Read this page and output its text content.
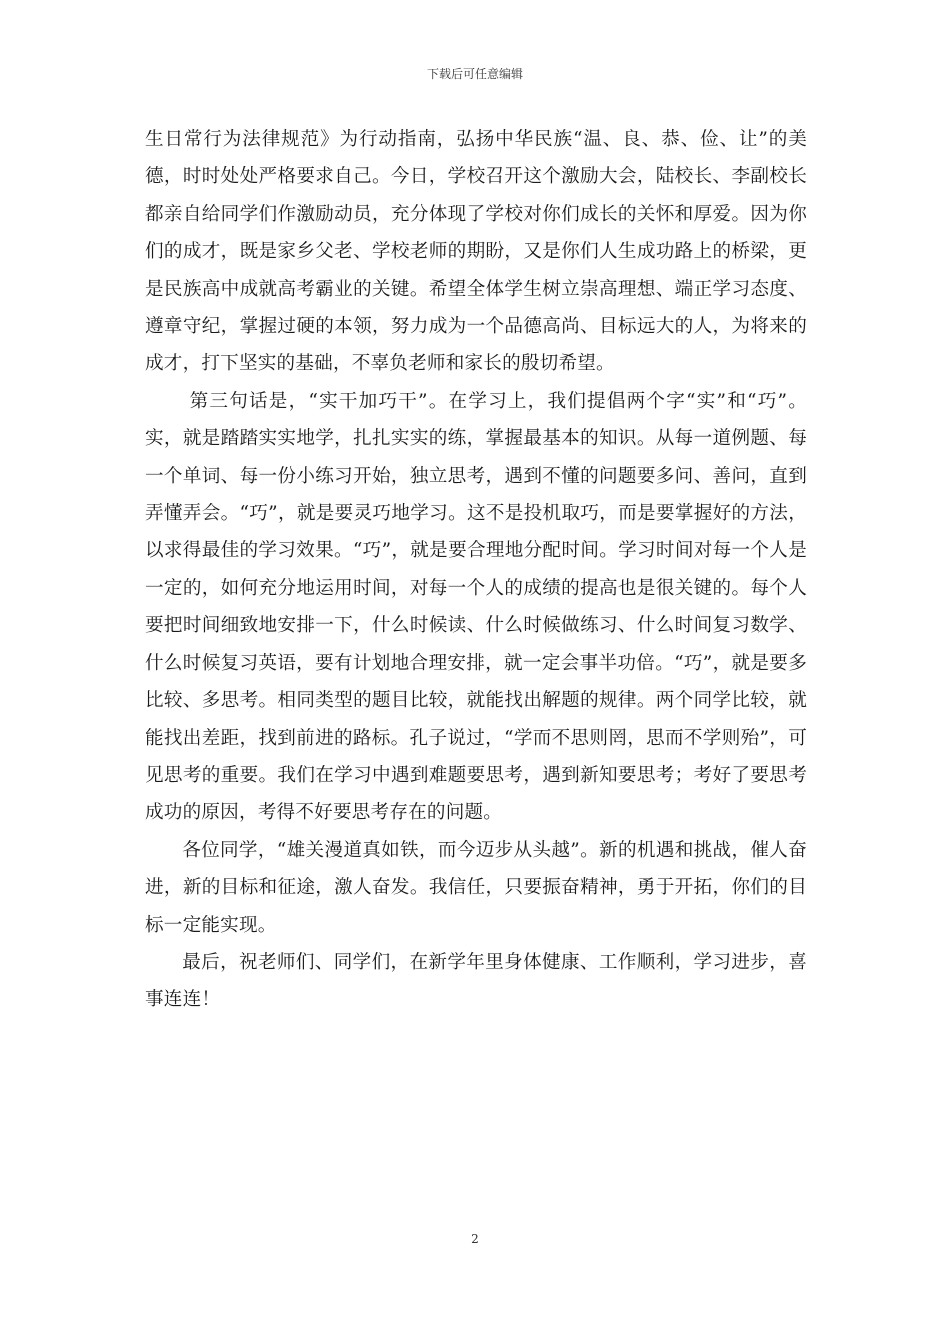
下载后可任意编辑

生日常行为法律规范》为行动指南，弘扬中华民族“温、良、恭、俭、让”的美德，时时处处严格要求自己。今日，学校召开这个激励大会，陆校长、李副校长都亲自给同学们作激励动员，充分体现了学校对你们成长的关怀和厚爱。因为你们的成才，既是家乡父老、学校老师的期盼，又是你们人生成功路上的桥梁，更是民族高中成就高考霸业的关键。希望全体学生树立崇高理想、端正学习态度、遵章守纪，掌握过硬的本领，努力成为一个品德高尚、目标远大的人，为将来的成才，打下坚实的基础，不辜负老师和家长的殷切希望。

第三句话是，“实干加巧干”。在学习上，我们提倡两个字“实”和“巧”。实，就是踏踏实实地学，扎扎实实的练，掌握最基本的知识。从每一道例题、每一个单词、每一份小练习开始，独立思考，遇到不懂的问题要多问、善问，直到弄懂弄会。“巧”，就是要灵巧地学习。这不是投机取巧，而是要掌握好的方法，以求得最佳的学习效果。“巧”，就是要合理地分配时间。学习时间对每一个人是一定的，如何充分地运用时间，对每一个人的成绩的提高也是很关键的。每个人要把时间细致地安排一下，什么时候读、什么时候做练习、什么时间复习数学、什么时候复习英语，要有计划地合理安排，就一定会事半功倍。“巧”，就是要多比较、多思考。相同类型的题目比较，就能找出解题的规律。两个同学比较，就能找出差距，找到前进的路标。孔子说过，“学而不思则罔，思而不学则殆”，可见思考的重要。我们在学习中遇到难题要思考，遇到新知要思考；考好了要思考成功的原因，考得不好要思考存在的问题。

各位同学，“雄关漫道真如铁，而今迈步从头越”。新的机遇和挑战，催人奋进，新的目标和征途，激人奋发。我信任，只要振奋精神，勇于开拓，你们的目标一定能实现。

最后，祝老师们、同学们，在新学年里身体健康、工作顺利，学习进步，喜事连连！

2
